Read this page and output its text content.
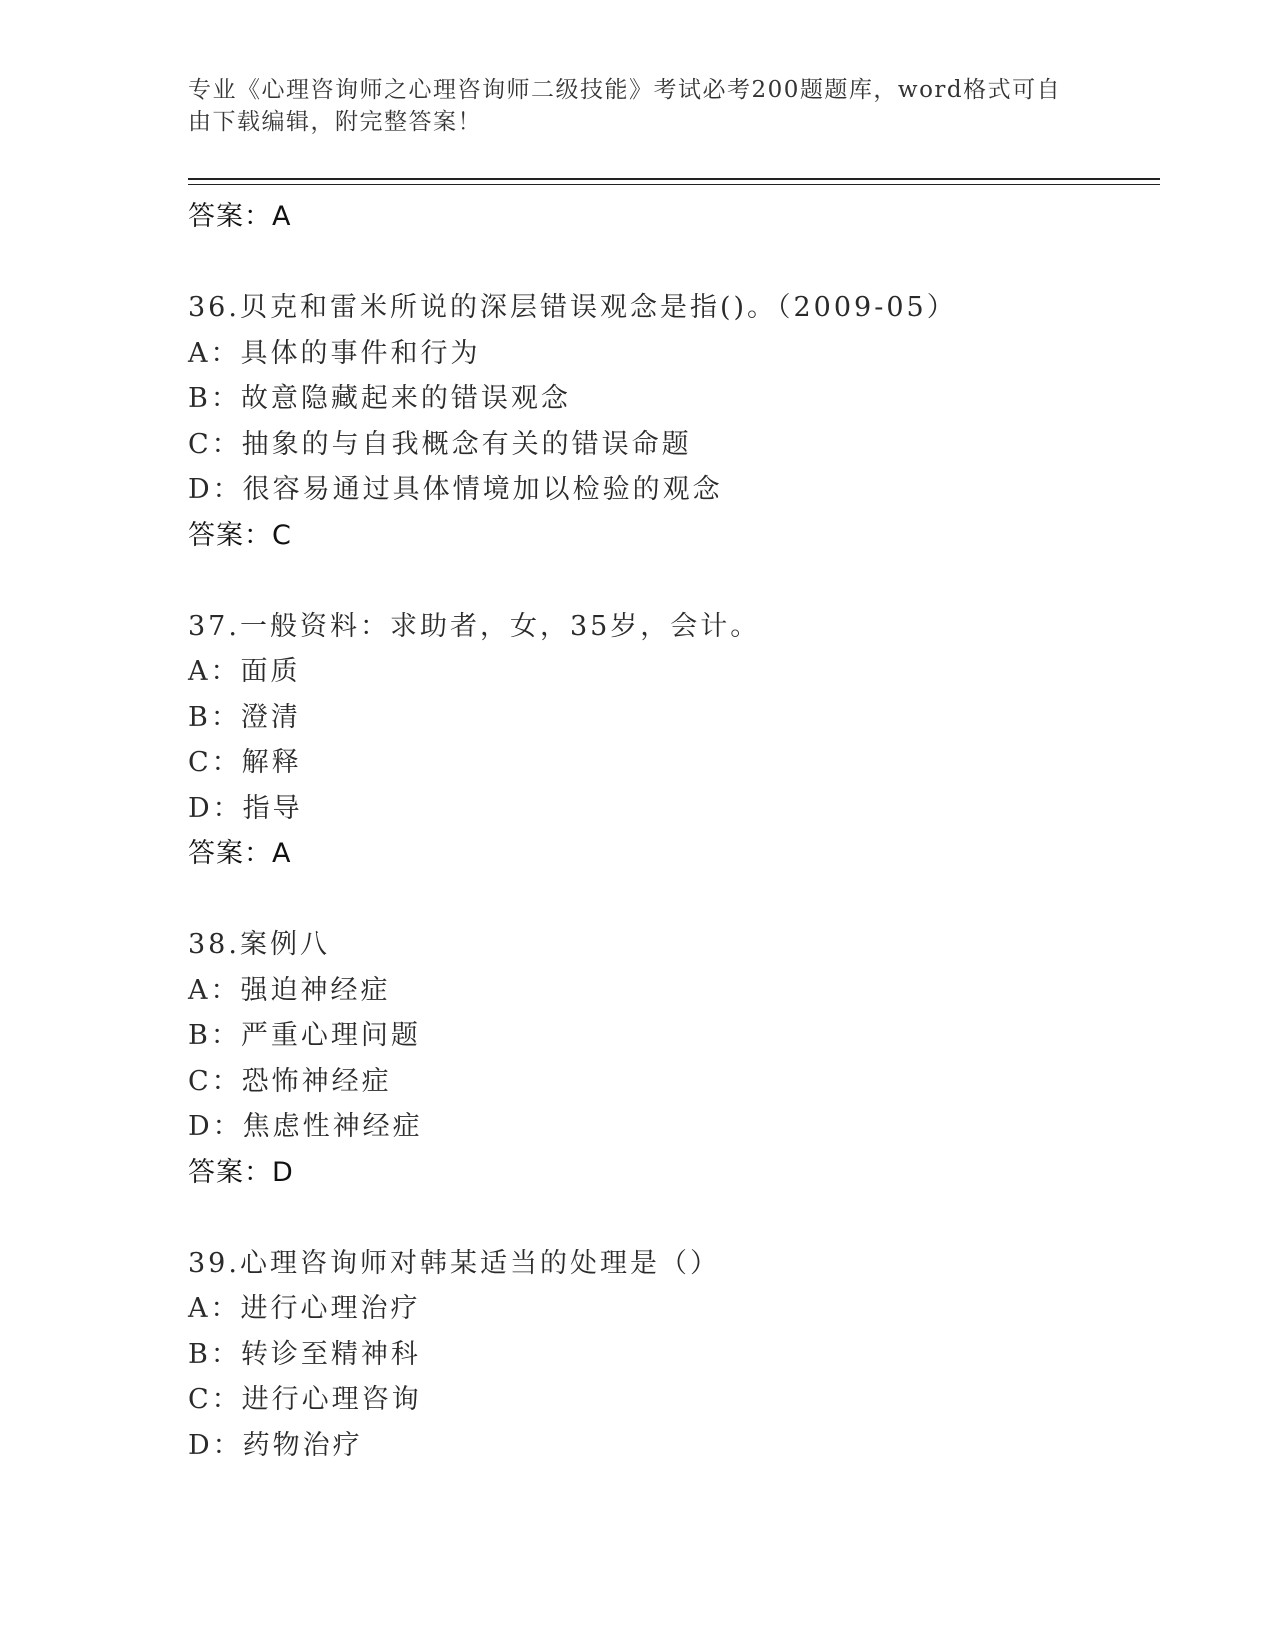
专业《心理咨询师之心理咨询师二级技能》考试必考200题题库，word格式可自
由下载编辑，附完整答案！
答案：A
36.贝克和雷米所说的深层错误观念是指()。（2009-05）
A：具体的事件和行为
B：故意隐藏起来的错误观念
C：抽象的与自我概念有关的错误命题
D：很容易通过具体情境加以检验的观念
答案：C
37.一般资料：求助者，女，35岁，会计。
A：面质
B：澄清
C：解释
D：指导
答案：A
38.案例八
A：强迫神经症
B：严重心理问题
C：恐怖神经症
D：焦虑性神经症
答案：D
39.心理咨询师对韩某适当的处理是（）
A：进行心理治疗
B：转诊至精神科
C：进行心理咨询
D：药物治疗
